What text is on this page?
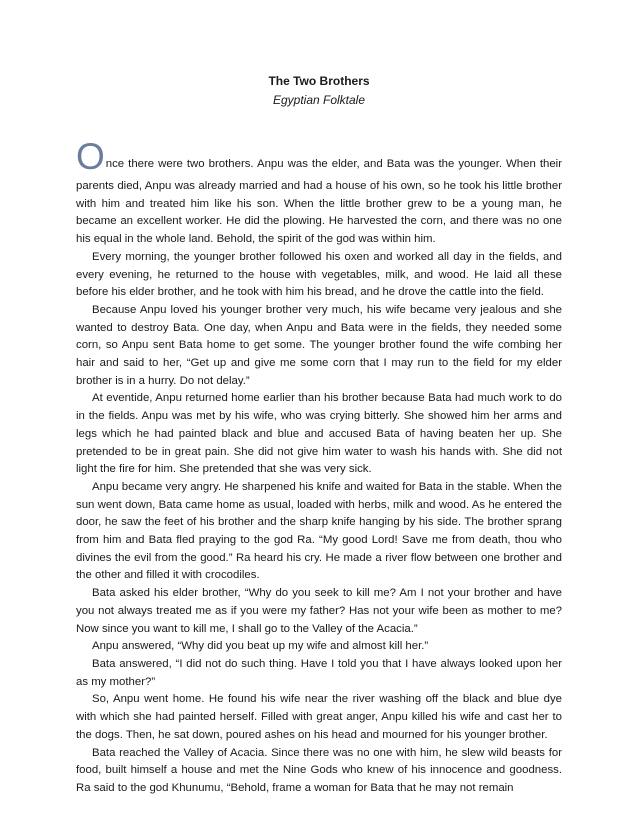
The Two Brothers
Egyptian Folktale
Once there were two brothers. Anpu was the elder, and Bata was the younger. When their

parents died, Anpu was already married and had a house of his own, so he took his little brother with him and treated him like his son. When the little brother grew to be a young man, he became an excellent worker. He did the plowing. He harvested the corn, and there was no one his equal in the whole land. Behold, the spirit of the god was within him.

Every morning, the younger brother followed his oxen and worked all day in the fields, and every evening, he returned to the house with vegetables, milk, and wood. He laid all these before his elder brother, and he took with him his bread, and he drove the cattle into the field.

Because Anpu loved his younger brother very much, his wife became very jealous and she wanted to destroy Bata. One day, when Anpu and Bata were in the fields, they needed some corn, so Anpu sent Bata home to get some. The younger brother found the wife combing her hair and said to her, “Get up and give me some corn that I may run to the field for my elder brother is in a hurry. Do not delay.”

At eventide, Anpu returned home earlier than his brother because Bata had much work to do in the fields. Anpu was met by his wife, who was crying bitterly. She showed him her arms and legs which he had painted black and blue and accused Bata of having beaten her up. She pretended to be in great pain. She did not give him water to wash his hands with. She did not light the fire for him. She pretended that she was very sick.

Anpu became very angry. He sharpened his knife and waited for Bata in the stable. When the sun went down, Bata came home as usual, loaded with herbs, milk and wood. As he entered the door, he saw the feet of his brother and the sharp knife hanging by his side. The brother sprang from him and Bata fled praying to the god Ra. “My good Lord! Save me from death, thou who divines the evil from the good.” Ra heard his cry. He made a river flow between one brother and the other and filled it with crocodiles.

Bata asked his elder brother, “Why do you seek to kill me? Am I not your brother and have you not always treated me as if you were my father? Has not your wife been as mother to me? Now since you want to kill me, I shall go to the Valley of the Acacia.”

Anpu answered, “Why did you beat up my wife and almost kill her.”

Bata answered, “I did not do such thing. Have I told you that I have always looked upon her as my mother?”

So, Anpu went home. He found his wife near the river washing off the black and blue dye with which she had painted herself. Filled with great anger, Anpu killed his wife and cast her to the dogs. Then, he sat down, poured ashes on his head and mourned for his younger brother.

Bata reached the Valley of Acacia. Since there was no one with him, he slew wild beasts for food, built himself a house and met the Nine Gods who knew of his innocence and goodness. Ra said to the god Khunumu, “Behold, frame a woman for Bata that he may not remain
